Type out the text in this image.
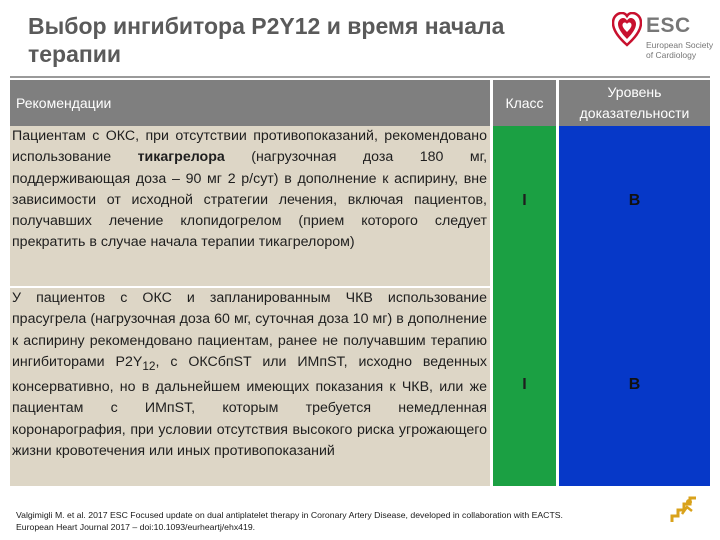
Выбор ингибитора P2Y12 и время начала терапии
ESC
European Society
of Cardiology
Рекомендации	Класс
Уровень доказательности
Пациентам с ОКС, при отсутствии противопоказаний, рекомендовано использование тикагрелора (нагрузочная доза 180 мг, поддерживающая доза – 90 мг 2 р/сут) в дополнение к аспирину, вне зависимости от исходной стратегии лечения, включая пациентов, получавших лечение клопидогрелом (прием которого следует прекратить в случае начала терапии тикагрелором)
У пациентов с ОКС и запланированным ЧКВ использование прасугрела (нагрузочная доза 60 мг, суточная доза 10 мг) в дополнение к аспирину рекомендовано пациентам, ранее не получавшим терапию ингибиторами $P2Y_{12}$, с ОКСбпST или ИМпST, исходно веденных консервативно, но в дальнейшем имеющих показания к ЧКВ, или же пациентам с ИМпST, которым требуется немедленная коронарография, при условии отсутствия высокого риска угрожающего жизни кровотечения или иных противопоказаний
I
I
B
B
Valgimigli M. et al. 2017 ESC Focused update on dual antiplatelet therapy in Coronary Artery Disease, developed in collaboration with EACTS.
European Heart Journal 2017 – doi:10.1093/eurheartj/ehx419.
